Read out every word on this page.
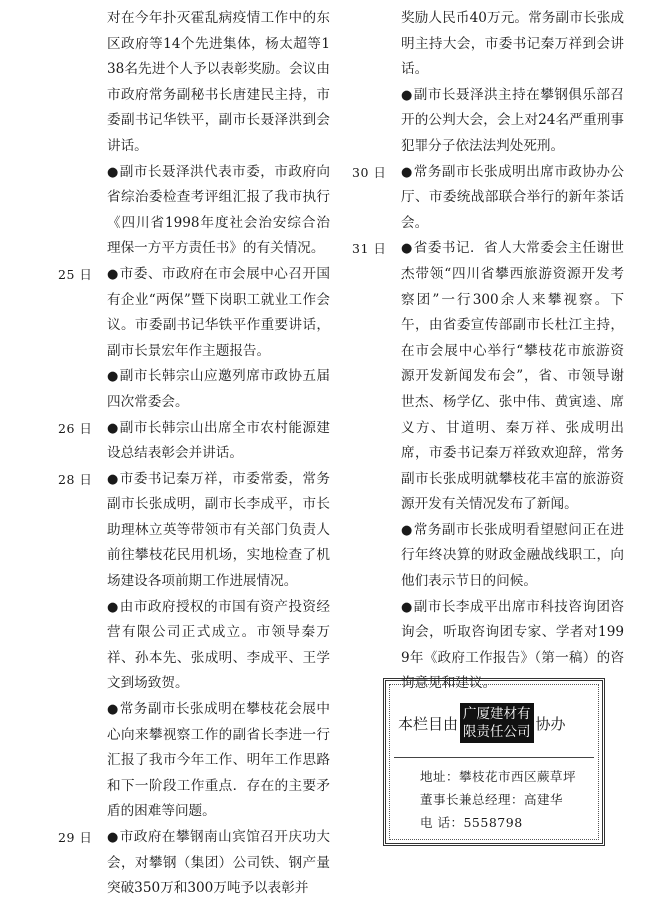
对在今年扑灭霍乱病疫情工作中的东区政府等14个先进集体，杨太超等138名先进个人予以表彰奖励。会议由市政府常务副秘书长唐建民主持，市委副书记华铁平，副市长聂泽洪到会讲话。

●副市长聂泽洪代表市委，市政府向省综治委检查考评组汇报了我市执行《四川省1998年度社会治安综合治理保一方平方责任书》的有关情况。

25 日 ●市委、市政府在市会展中心召开国有企业“两保”暨下岗职工就业工作会议。市委副书记华铁平作重要讲话，副市长景宏年作主题报告。

●副市长韩宗山应邀列席市政协五届四次常委会。

26 日 ●副市长韩宗山出席全市农村能源建设总结表彰会并讲话。

28 日 ●市委书记秦万祥，市委常委，常务副市长张成明，副市长李成平，市长助理林立英等带领市有关部门负责人前往攀枝花民用机场，实地检查了机场建设各项前期工作进展情况。

●由市政府授权的市国有资产投资经营有限公司正式成立。市领导秦万祥、孙本先、张成明、李成平、王学文到场致贺。

●常务副市长张成明在攀枝花会展中心向来攀视察工作的副省长李进一行汇报了我市今年工作、明年工作思路和下一阶段工作重点．存在的主要矛盾的困难等问题。

29 日 ●市政府在攀钢南山宾馆召开庆功大会，对攀钢（集团）公司铁、钢产量突破350万和300万吨予以表彰并

奖励人民币40万元。常务副市长张成明主持大会，市委书记秦万祥到会讲话。

●副市长聂泽洪主持在攀钢俱乐部召开的公判大会，会上对24名严重刑事犯罪分子依法法判处死刑。

30 日 ●常务副市长张成明出席市政协办公厅、市委统战部联合举行的新年茶话会。

31 日 ●省委书记．省人大常委会主任谢世杰带领“四川省攀西旅游资源开发考察团”一行300余人来攀视察。下午，由省委宣传部副市长杜江主持，在市会展中心举行“攀枝花市旅游资源开发新闻发布会”，省、市领导谢世杰、杨学亿、张中伟、黄寅逵、席义方、甘道明、秦万祥、张成明出席，市委书记秦万祥致欢迎辞，常务副市长张成明就攀枝花丰富的旅游资源开发有关情况发布了新闻。

●常务副市长张成明看望慰问正在进行年终决算的财政金融战线职工，向他们表示节日的问候。

●副市长李成平出席市科技咨询团咨询会，听取咨询团专家、学者对1999年《政府工作报告》（第一稿）的咨询意见和建议。

本栏目由
广厦建材有
限责任公司 协办
地址：攀枝花市西区蕨草坪
董事长兼总经理：高建华
电 话：5558798
